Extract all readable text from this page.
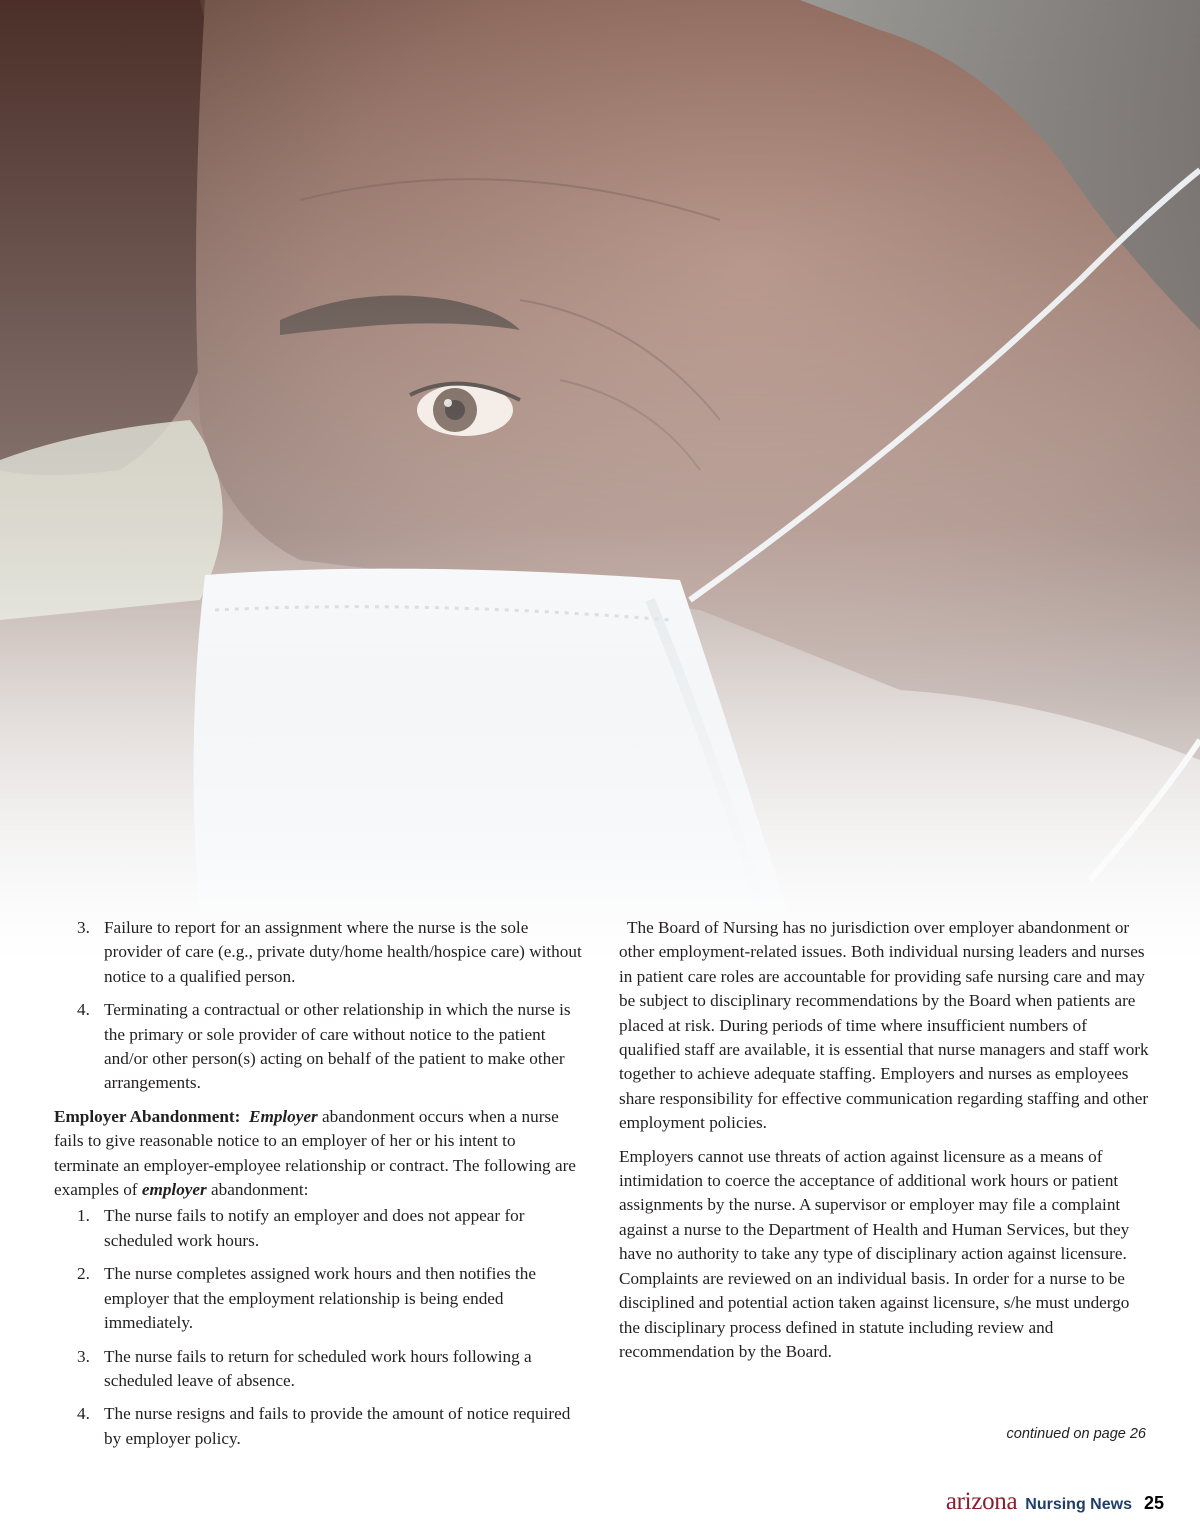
3. Failure to report for an assignment where the nurse is the sole provider of care (e.g., private duty/home health/hospice care) without notice to a qualified person.
4. Terminating a contractual or other relationship in which the nurse is the primary or sole provider of care without notice to the patient and/or other person(s) acting on behalf of the patient to make other arrangements.

Employer Abandonment: Employer abandonment occurs when a nurse fails to give reasonable notice to an employer of her or his intent to terminate an employer-employee relationship or contract. The following are examples of employer abandonment:

1. The nurse fails to notify an employer and does not appear for scheduled work hours.
2. The nurse completes assigned work hours and then notifies the employer that the employment relationship is being ended immediately.
3. The nurse fails to return for scheduled work hours following a scheduled leave of absence.
4. The nurse resigns and fails to provide the amount of notice required by employer policy.

The Board of Nursing has no jurisdiction over employer abandonment or other employment-related issues. Both individual nursing leaders and nurses in patient care roles are accountable for providing safe nursing care and may be subject to disciplinary recommendations by the Board when patients are placed at risk. During periods of time where insufficient numbers of qualified staff are available, it is essential that nurse managers and staff work together to achieve adequate staffing. Employers and nurses as employees share responsibility for effective communication regarding staffing and other employment policies.

Employers cannot use threats of action against licensure as a means of intimidation to coerce the acceptance of additional work hours or patient assignments by the nurse. A supervisor or employer may file a complaint against a nurse to the Department of Health and Human Services, but they have no authority to take any type of disciplinary action against licensure. Complaints are reviewed on an individual basis. In order for a nurse to be disciplined and potential action taken against licensure, s/he must undergo the disciplinary process defined in statute including review and recommendation by the Board.

continued on page 26
arizona Nursing News 25
